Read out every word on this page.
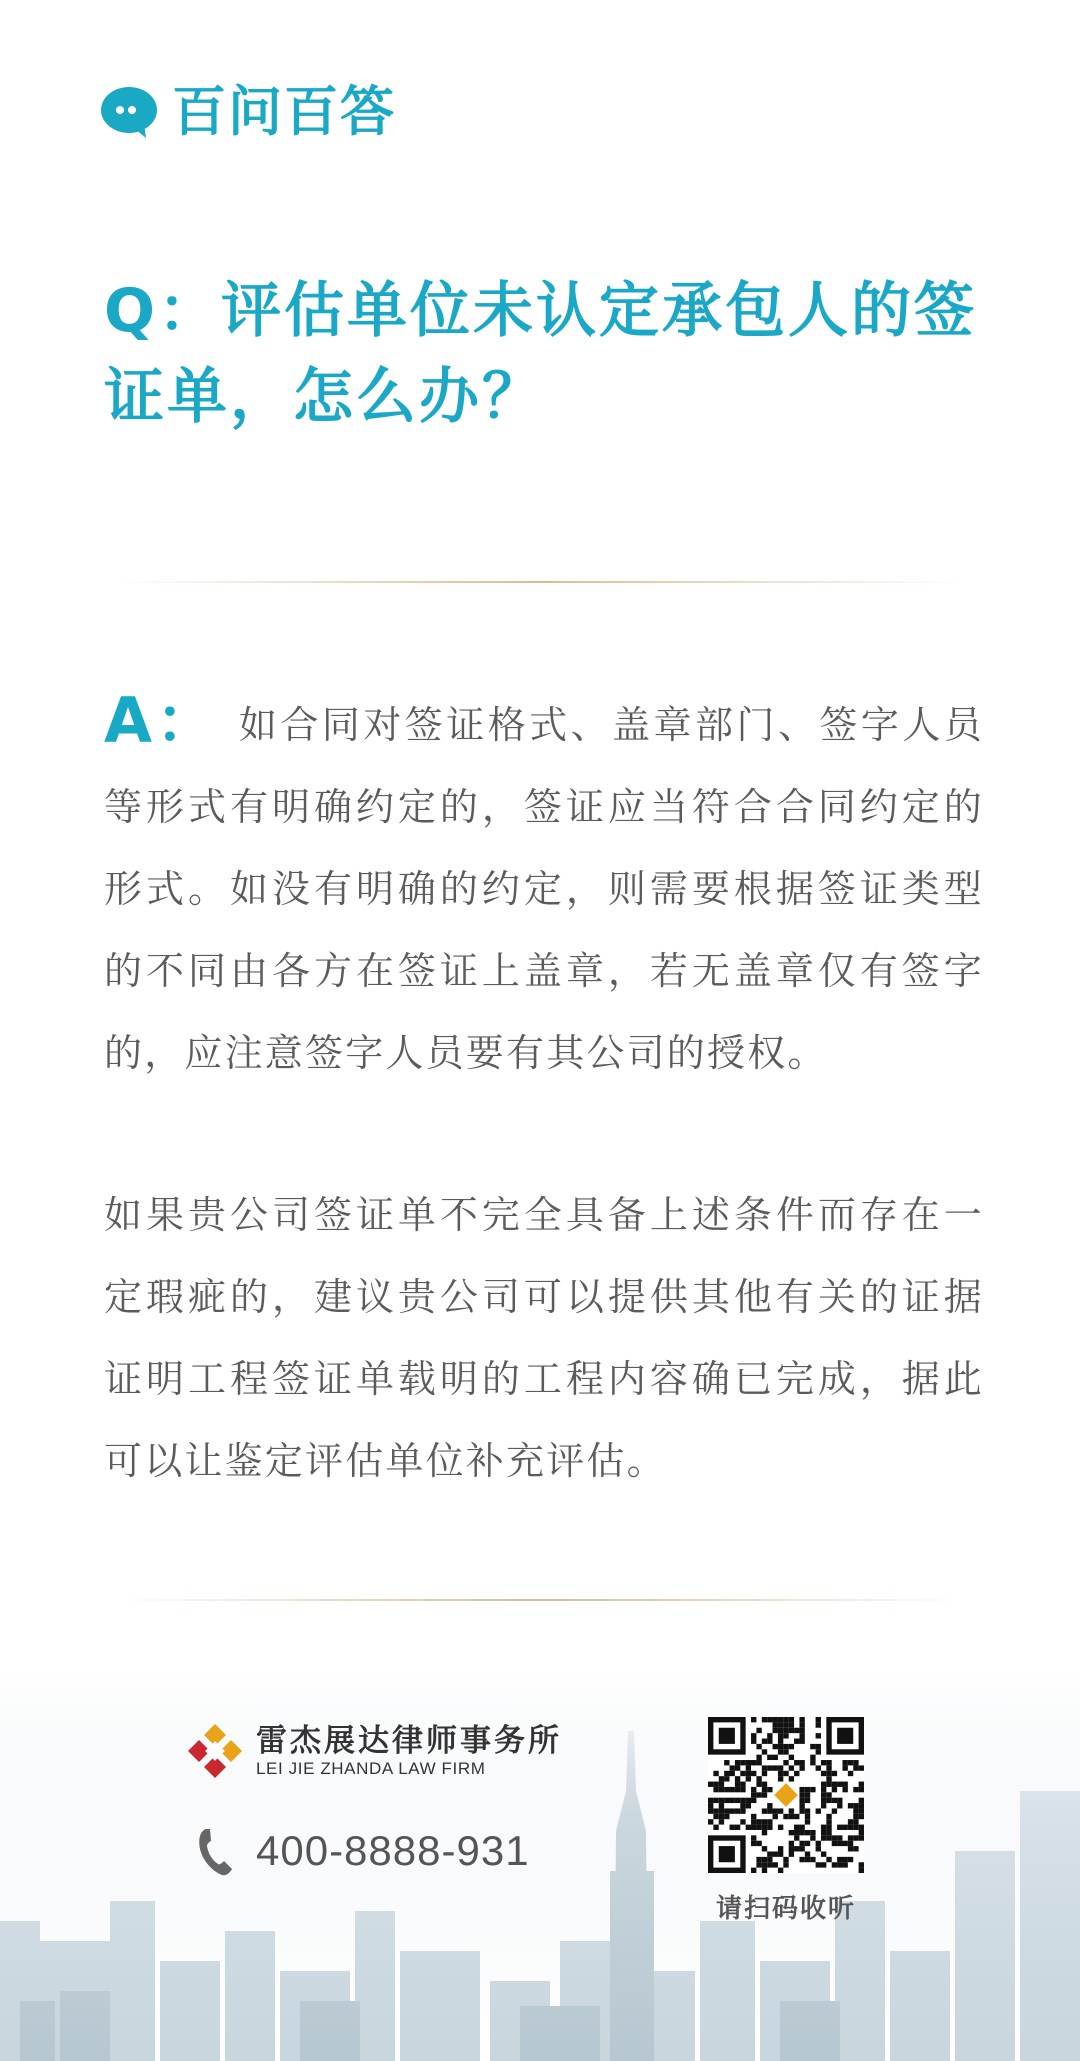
百问百答
Q：评估单位未认定承包人的签证单，怎么办？

A： 如合同对签证格式、盖章部门、签字人员等形式有明确约定的，签证应当符合合同约定的形式。如没有明确的约定，则需要根据签证类型的不同由各方在签证上盖章，若无盖章仅有签字的，应注意签字人员要有其公司的授权。

如果贵公司签证单不完全具备上述条件而存在一定瑕疵的，建议贵公司可以提供其他有关的证据证明工程签证单载明的工程内容确已完成，据此可以让鉴定评估单位补充评估。

雷杰展达律师事务所
LEI JIE ZHANDA LAW FIRM
400-8888-931
请扫码收听
